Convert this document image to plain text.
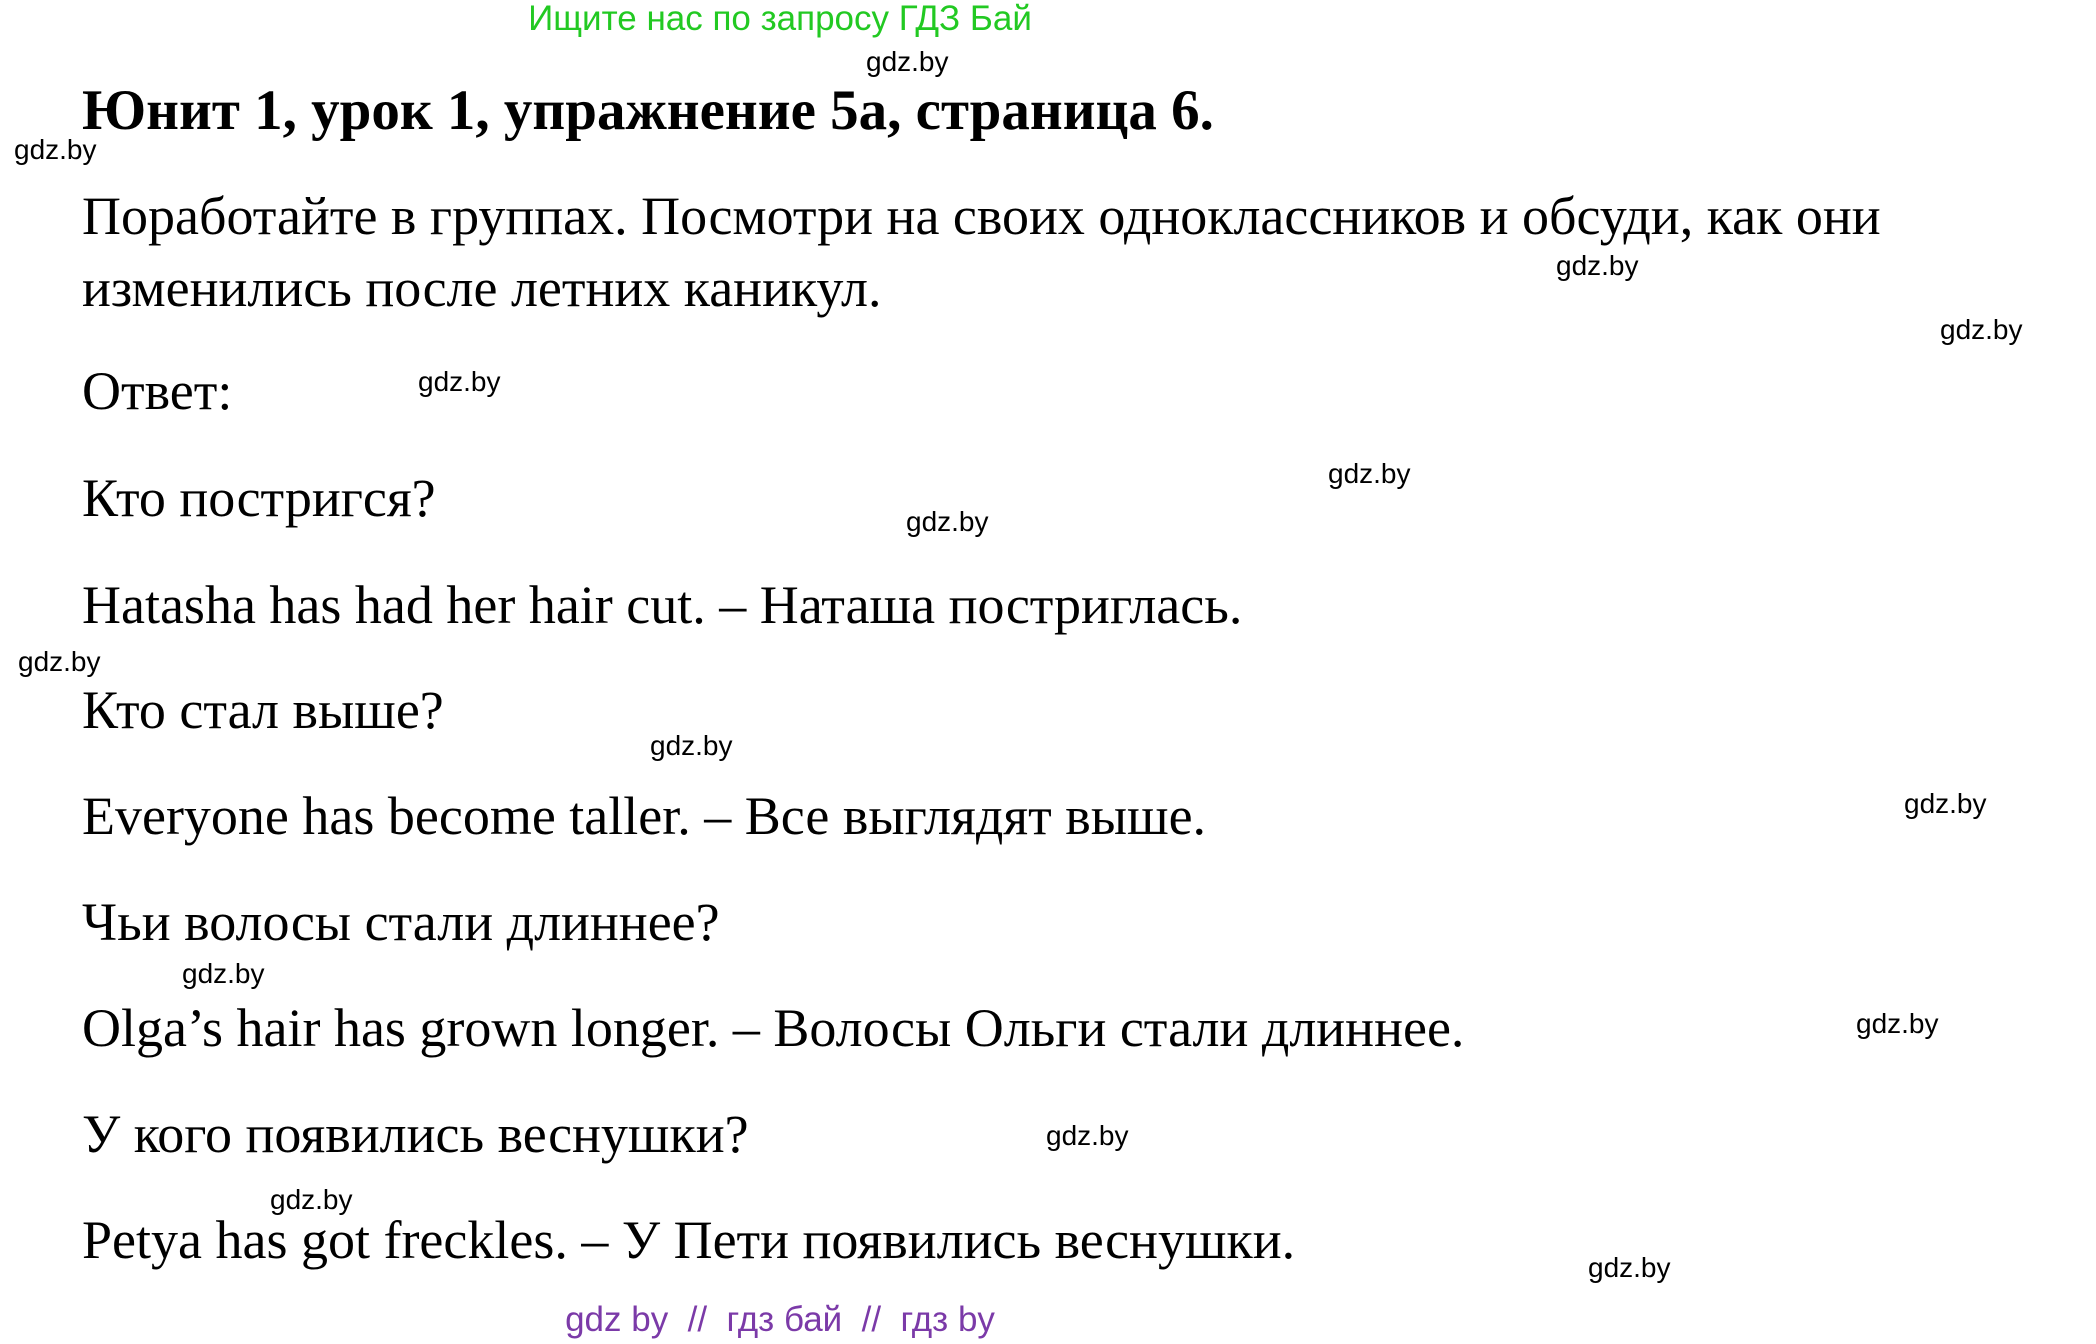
Ищите нас по запросу ГДЗ Бай
Юнит 1, урок 1, упражнение 5а, страница 6.
Поработайте в группах. Посмотри на своих одноклассников и обсуди, как они изменились после летних каникул.
Ответ:
Кто постригся?
Hatasha has had her hair cut. – Наташа постриглась.
Кто стал выше?
Everyone has become taller. – Все выглядят выше.
Чьи волосы стали длиннее?
Olga’s hair has grown longer. – Волосы Ольги стали длиннее.
У кого появились веснушки?
Petya has got freckles. – У Пети появились веснушки.
gdz.by
gdz.by
gdz.by
gdz.by
gdz.by
gdz.by
gdz.by
gdz.by
gdz.by
gdz.by
gdz.by
gdz.by
gdz.by
gdz.by
gdz.by
gdz by  //  гдз бай  //  гдз by
